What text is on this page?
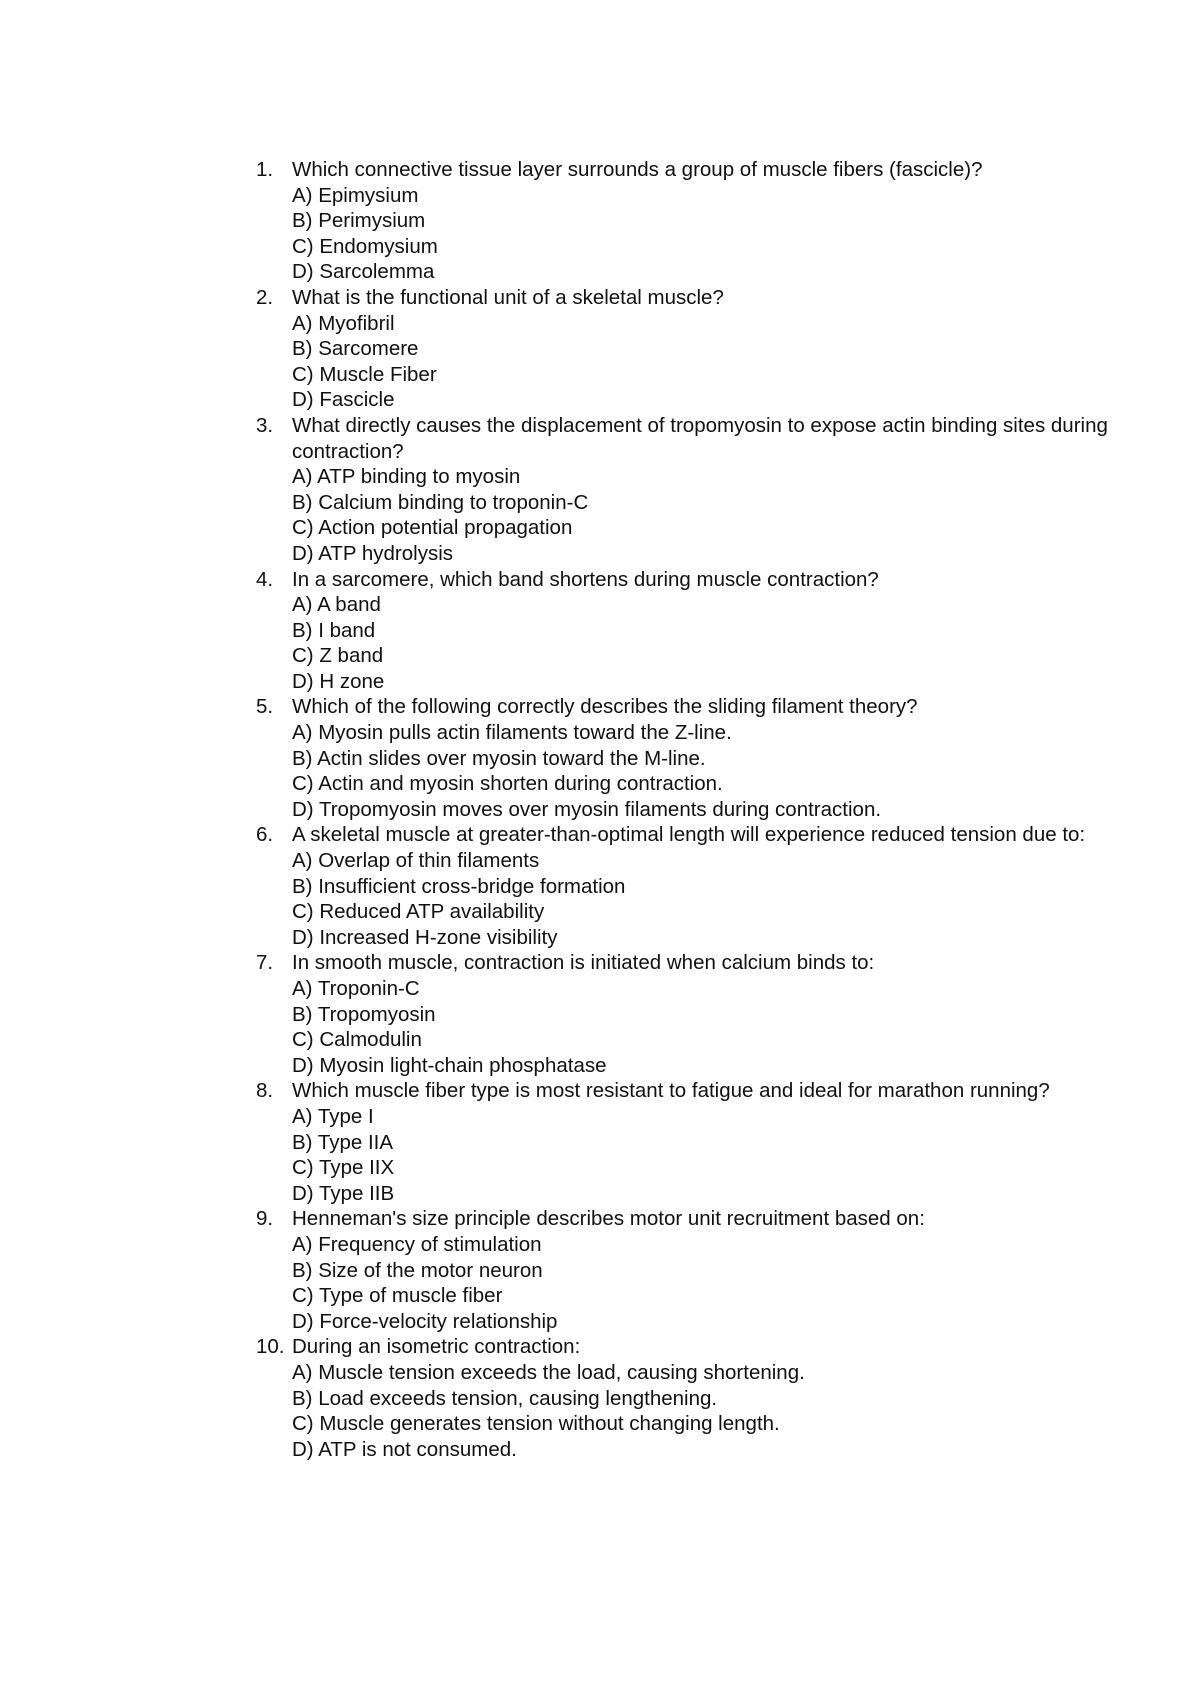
1. Which connective tissue layer surrounds a group of muscle fibers (fascicle)?
A) Epimysium
B) Perimysium
C) Endomysium
D) Sarcolemma
2. What is the functional unit of a skeletal muscle?
A) Myofibril
B) Sarcomere
C) Muscle Fiber
D) Fascicle
3. What directly causes the displacement of tropomyosin to expose actin binding sites during contraction?
A) ATP binding to myosin
B) Calcium binding to troponin-C
C) Action potential propagation
D) ATP hydrolysis
4. In a sarcomere, which band shortens during muscle contraction?
A) A band
B) I band
C) Z band
D) H zone
5. Which of the following correctly describes the sliding filament theory?
A) Myosin pulls actin filaments toward the Z-line.
B) Actin slides over myosin toward the M-line.
C) Actin and myosin shorten during contraction.
D) Tropomyosin moves over myosin filaments during contraction.
6. A skeletal muscle at greater-than-optimal length will experience reduced tension due to:
A) Overlap of thin filaments
B) Insufficient cross-bridge formation
C) Reduced ATP availability
D) Increased H-zone visibility
7. In smooth muscle, contraction is initiated when calcium binds to:
A) Troponin-C
B) Tropomyosin
C) Calmodulin
D) Myosin light-chain phosphatase
8. Which muscle fiber type is most resistant to fatigue and ideal for marathon running?
A) Type I
B) Type IIA
C) Type IIX
D) Type IIB
9. Henneman's size principle describes motor unit recruitment based on:
A) Frequency of stimulation
B) Size of the motor neuron
C) Type of muscle fiber
D) Force-velocity relationship
10. During an isometric contraction:
A) Muscle tension exceeds the load, causing shortening.
B) Load exceeds tension, causing lengthening.
C) Muscle generates tension without changing length.
D) ATP is not consumed.
